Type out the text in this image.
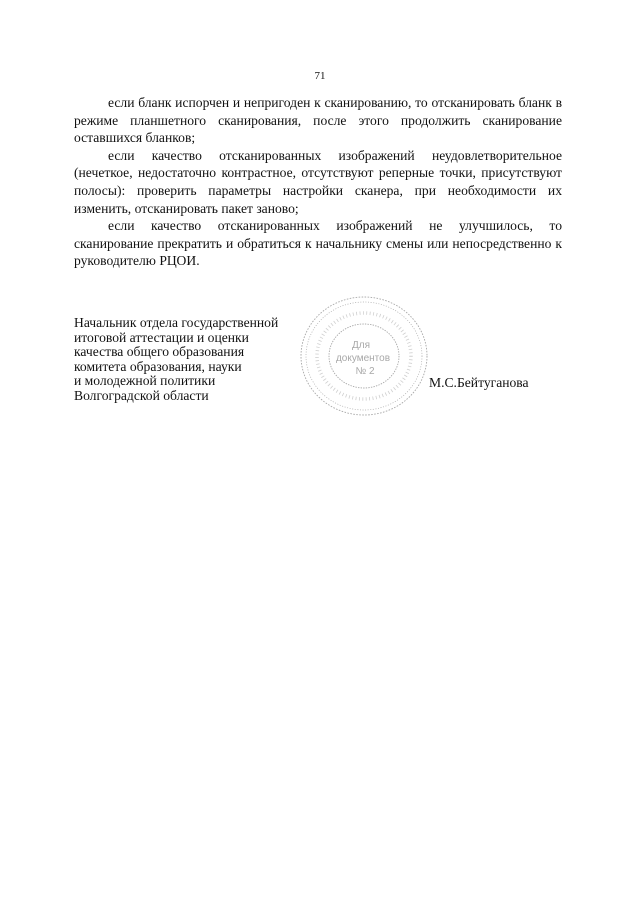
71

если бланк испорчен и непригоден к сканированию, то отсканировать бланк в режиме планшетного сканирования, после этого продолжить сканирование оставшихся бланков;

если качество отсканированных изображений неудовлетворительное (нечеткое, недостаточно контрастное, отсутствуют реперные точки, присутствуют полосы): проверить параметры настройки сканера, при необходимости их изменить, отсканировать пакет заново;

если качество отсканированных изображений не улучшилось, то сканирование прекратить и обратиться к начальнику смены или непосредственно к руководителю РЦОИ.

Начальник отдела государственной
итоговой аттестации и оценки
качества общего образования
комитета образования, науки
и молодежной политики
Волгоградской области
Для
документов
№ 2
М.С.Бейтуганова
